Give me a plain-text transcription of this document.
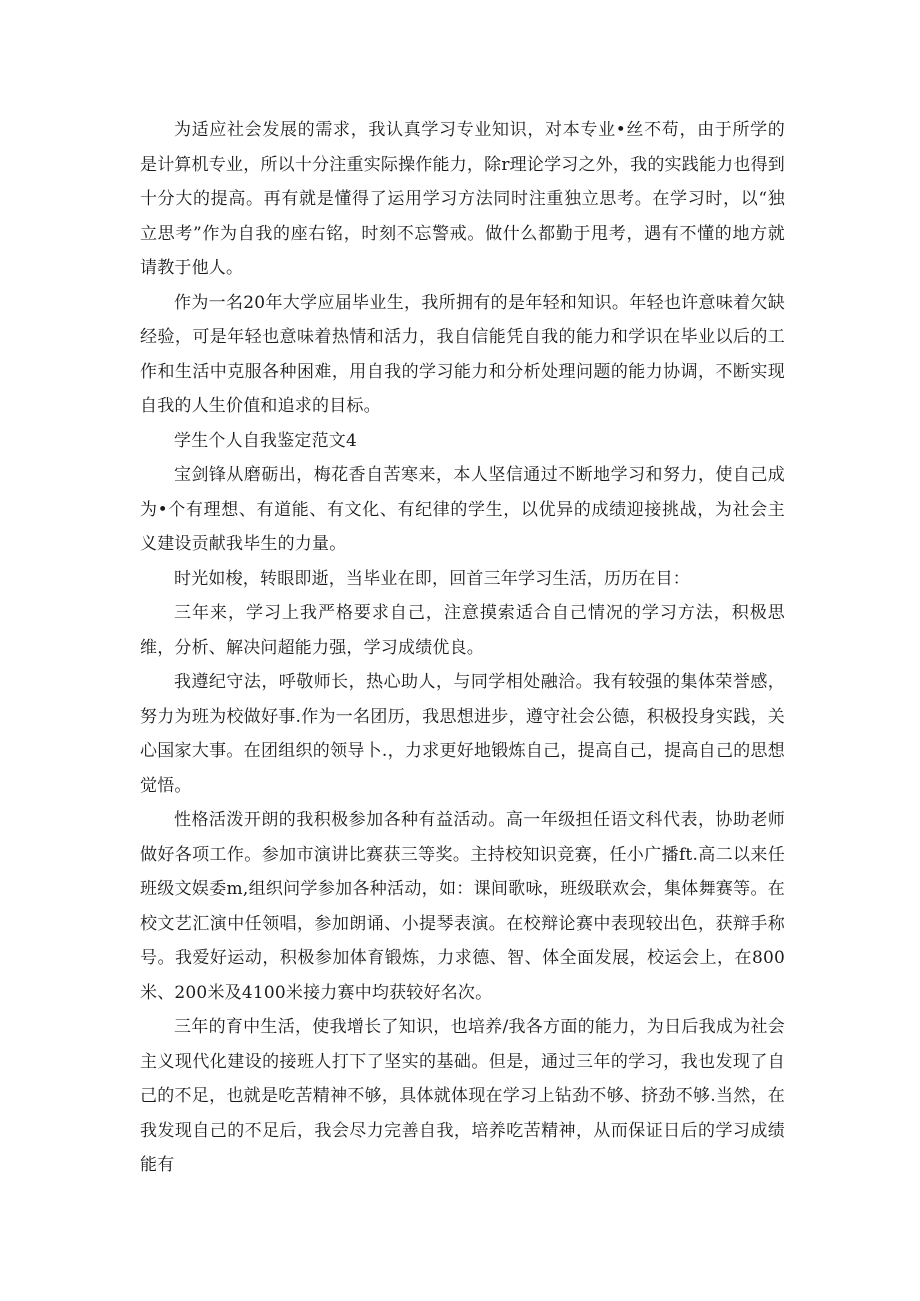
为适应社会发展的需求，我认真学习专业知识，对本专业•丝不苟，由于所学的是计算机专业，所以十分注重实际操作能力，除r理论学习之外，我的实践能力也得到十分大的提高。再有就是懂得了运用学习方法同时注重独立思考。在学习时，以“独立思考”作为自我的座右铭，时刻不忘警戒。做什么都勤于甩考，遇有不懂的地方就请教于他人。

作为一名20年大学应届毕业生，我所拥有的是年轻和知识。年轻也许意味着欠缺经验，可是年轻也意味着热情和活力，我自信能凭自我的能力和学识在毕业以后的工作和生活中克服各种困难，用自我的学习能力和分析处理问题的能力协调，不断实现自我的人生价值和追求的目标。

学生个人自我鉴定范文4

宝剑锋从磨砺出，梅花香自苦寒来，本人坚信通过不断地学习和努力，使自己成为•个有理想、有道能、有文化、有纪律的学生，以优异的成绩迎接挑战，为社会主义建设贡献我毕生的力量。

时光如梭，转眼即逝，当毕业在即，回首三年学习生活，历历在目：

三年来，学习上我严格要求自己，注意摸索适合自己情况的学习方法，积极思维，分析、解决问超能力强，学习成绩优良。

我遵纪守法，呼敬师长，热心助人，与同学相处融洽。我有较强的集体荣誉感，努力为班为校做好事.作为一名团历，我思想进步，遵守社会公德，积极投身实践，关心国家大事。在团组织的领导卜.，力求更好地锻炼自己，提高自己，提高自己的思想觉悟。

性格活泼开朗的我积极参加各种有益活动。高一年级担任语文科代表，协助老师做好各项工作。参加市演讲比赛获三等奖。主持校知识竞赛，任小广播ft.高二以来任班级文娱委m,组织问学参加各种活动，如：课间歌咏，班级联欢会，集体舞赛等。在校文艺汇演中任领唱，参加朗诵、小提琴表演。在校辩论赛中表现较出色，获辩手称号。我爱好运动，积极参加体育锻炼，力求德、智、体全面发展，校运会上，在800米、200米及4100米接力赛中均获较好名次。

三年的育中生活，使我增长了知识，也培养/我各方面的能力，为日后我成为社会主义现代化建设的接班人打下了坚实的基础。但是，通过三年的学习，我也发现了自己的不足，也就是吃苦精神不够，具体就体现在学习上钻劲不够、挤劲不够.当然，在我发现自己的不足后，我会尽力完善自我，培养吃苦精神，从而保证日后的学习成绩能有
